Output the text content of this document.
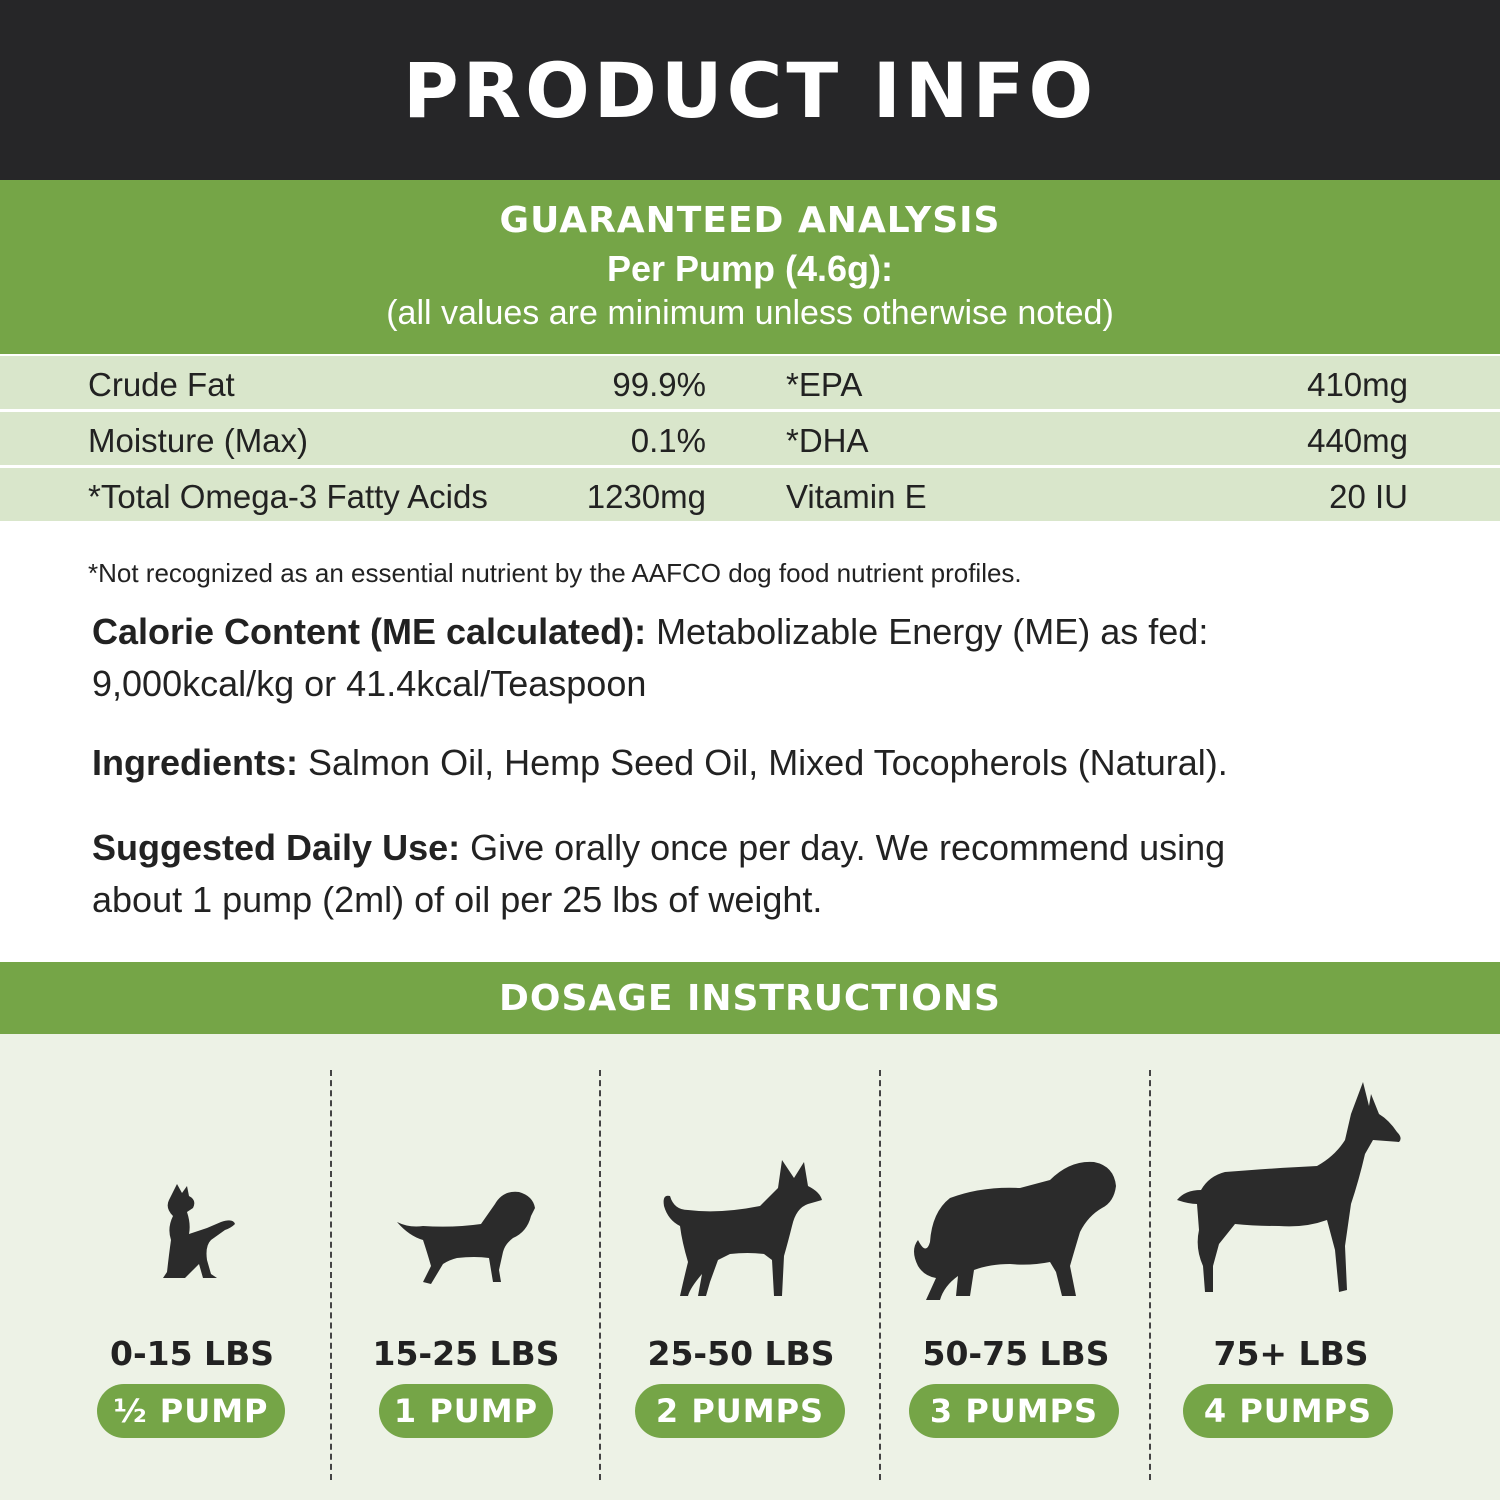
PRODUCT INFO
GUARANTEED ANALYSIS
Per Pump (4.6g):
(all values are minimum unless otherwise noted)
Crude Fat	99.9% *EPA	410mg
Moisture (Max)	0.1% *DHA	440mg
*Total Omega-3 Fatty Acids	1230mg Vitamin E	20 IU
*Not recognized as an essential nutrient by the AAFCO dog food nutrient profiles.
Calorie Content (ME calculated): Metabolizable Energy (ME) as fed: 9,000kcal/kg or 41.4kcal/Teaspoon
Ingredients: Salmon Oil, Hemp Seed Oil, Mixed Tocopherols (Natural).
Suggested Daily Use: Give orally once per day. We recommend using about 1 pump (2ml) of oil per 25 lbs of weight.
DOSAGE INSTRUCTIONS
0-15 LBS	15-25 LBS	25-50 LBS	50-75 LBS	75+ LBS
½ PUMP	1 PUMP	2 PUMPS	3 PUMPS	4 PUMPS
